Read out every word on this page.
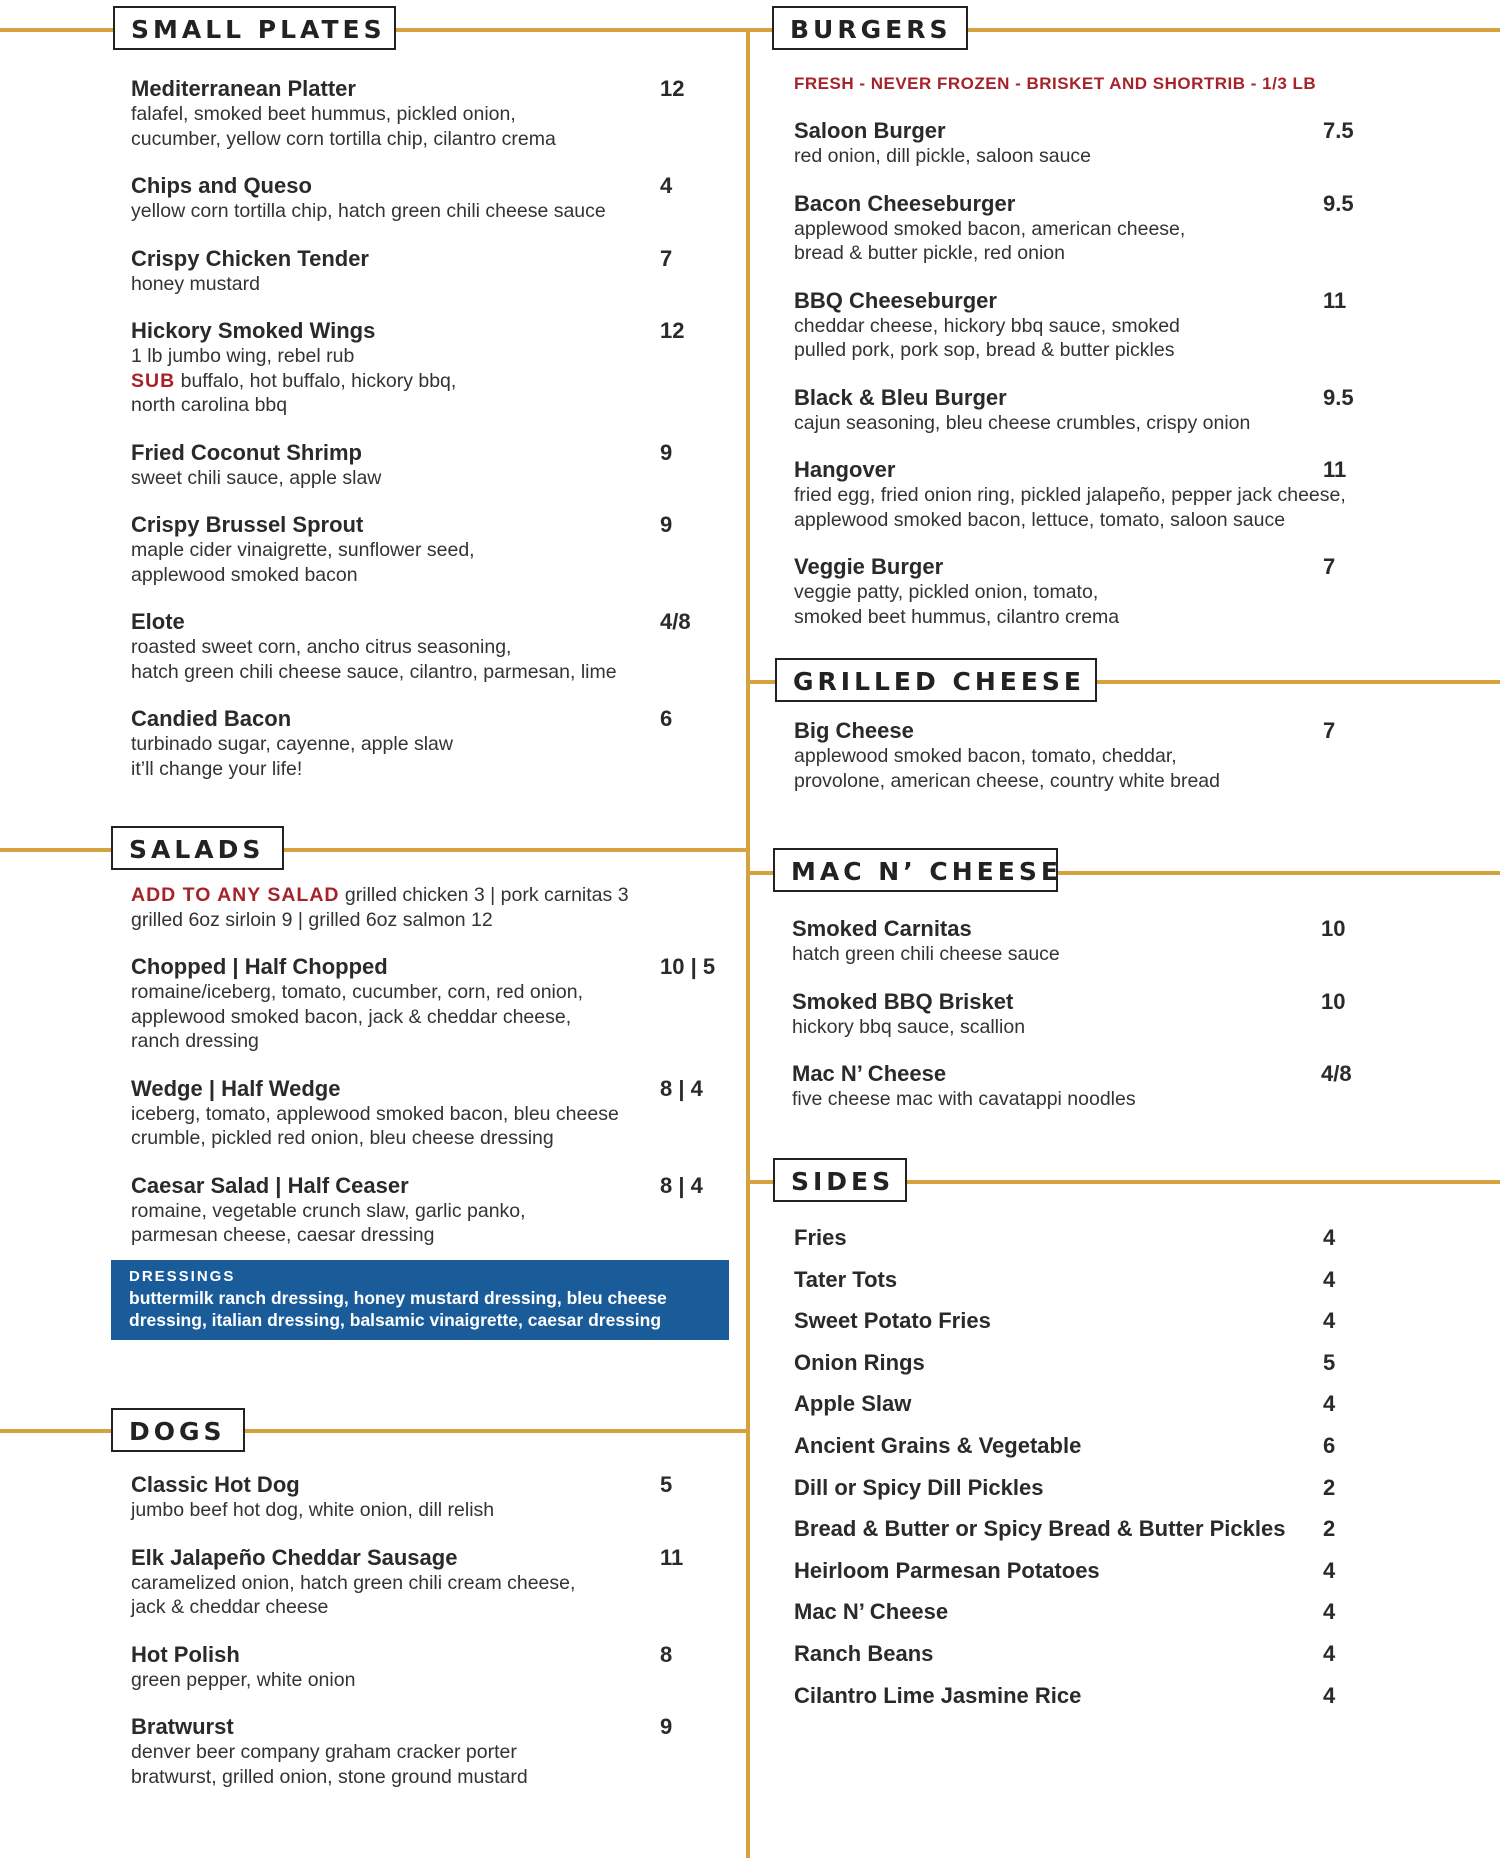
SMALL PLATES	BURGERS
SALADS
GRILLED CHEESE
MAC N’ CHEESE
SIDES
DOGS
Mediterranean Platter	12
falafel, smoked beet hummus, pickled onion,
cucumber, yellow corn tortilla chip, cilantro crema
Chips and Queso	4
yellow corn tortilla chip, hatch green chili cheese sauce
Crispy Chicken Tender	7
honey mustard
Hickory Smoked Wings	12
1 lb jumbo wing, rebel rub
SUB buffalo, hot buffalo, hickory bbq,
north carolina bbq
Fried Coconut Shrimp	9
sweet chili sauce, apple slaw
Crispy Brussel Sprout	9
maple cider vinaigrette, sunflower seed,
applewood smoked bacon
Elote	4/8
roasted sweet corn, ancho citrus seasoning,
hatch green chili cheese sauce, cilantro, parmesan, lime
Candied Bacon	6
turbinado sugar, cayenne, apple slaw
it’ll change your life!
ADD TO ANY SALAD grilled chicken 3 | pork carnitas 3
grilled 6oz sirloin 9 | grilled 6oz salmon 12
Chopped | Half Chopped	10 | 5
romaine/iceberg, tomato, cucumber, corn, red onion,
applewood smoked bacon, jack & cheddar cheese,
ranch dressing
Wedge | Half Wedge	8 | 4
iceberg, tomato, applewood smoked bacon, bleu cheese
crumble, pickled red onion, bleu cheese dressing
Caesar Salad | Half Ceaser	8 | 4
romaine, vegetable crunch slaw, garlic panko,
parmesan cheese, caesar dressing
DRESSINGS
buttermilk ranch dressing, honey mustard dressing, bleu cheese
dressing, italian dressing, balsamic vinaigrette, caesar dressing
Classic Hot Dog	5
jumbo beef hot dog, white onion, dill relish
Elk Jalapeño Cheddar Sausage	11
caramelized onion, hatch green chili cream cheese,
jack & cheddar cheese
Hot Polish	8
green pepper, white onion
Bratwurst	9
denver beer company graham cracker porter
bratwurst, grilled onion, stone ground mustard
FRESH - NEVER FROZEN - BRISKET AND SHORTRIB - 1/3 LB
Saloon Burger	7.5
red onion, dill pickle, saloon sauce
Bacon Cheeseburger	9.5
applewood smoked bacon, american cheese,
bread & butter pickle, red onion
BBQ Cheeseburger	11
cheddar cheese, hickory bbq sauce, smoked
pulled pork, pork sop, bread & butter pickles
Black & Bleu Burger	9.5
cajun seasoning, bleu cheese crumbles, crispy onion
Hangover	11
fried egg, fried onion ring, pickled jalapeño, pepper jack cheese,
applewood smoked bacon, lettuce, tomato, saloon sauce
Veggie Burger	7
veggie patty, pickled onion, tomato,
smoked beet hummus, cilantro crema
Big Cheese	7
applewood smoked bacon, tomato, cheddar,
provolone, american cheese, country white bread
Smoked Carnitas	10
hatch green chili cheese sauce
Smoked BBQ Brisket	10
hickory bbq sauce, scallion
Mac N’ Cheese	4/8
five cheese mac with cavatappi noodles
Fries	4
Tater Tots	4
Sweet Potato Fries	4
Onion Rings	5
Apple Slaw	4
Ancient Grains & Vegetable	6
Dill or Spicy Dill Pickles	2
Bread & Butter or Spicy Bread & Butter Pickles	2
Heirloom Parmesan Potatoes	4
Mac N’ Cheese	4
Ranch Beans	4
Cilantro Lime Jasmine Rice	4
